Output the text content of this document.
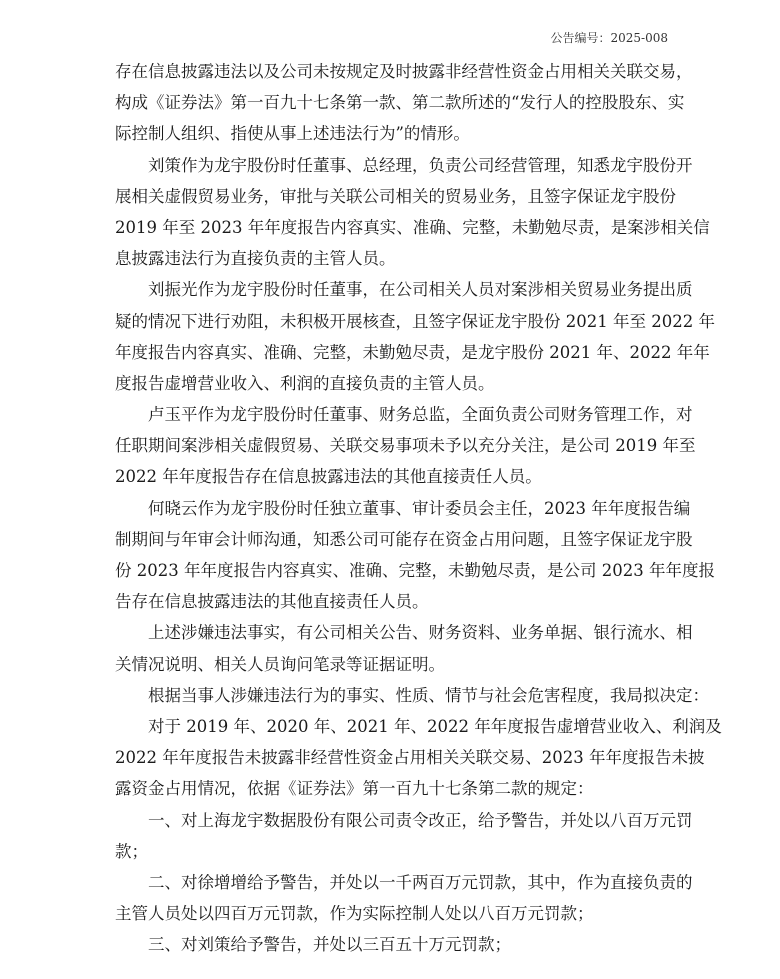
公告编号：2025-008
存在信息披露违法以及公司未按规定及时披露非经营性资金占用相关关联交易，
构成《证券法》第一百九十七条第一款、第二款所述的“发行人的控股股东、实
际控制人组织、指使从事上述违法行为”的情形。
刘策作为龙宇股份时任董事、总经理，负责公司经营管理，知悉龙宇股份开
展相关虚假贸易业务，审批与关联公司相关的贸易业务，且签字保证龙宇股份
2019 年至 2023 年年度报告内容真实、准确、完整，未勤勉尽责，是案涉相关信
息披露违法行为直接负责的主管人员。
刘振光作为龙宇股份时任董事，在公司相关人员对案涉相关贸易业务提出质
疑的情况下进行劝阻，未积极开展核查，且签字保证龙宇股份 2021 年至 2022 年
年度报告内容真实、准确、完整，未勤勉尽责，是龙宇股份 2021 年、2022 年年
度报告虚增营业收入、利润的直接负责的主管人员。
卢玉平作为龙宇股份时任董事、财务总监，全面负责公司财务管理工作，对
任职期间案涉相关虚假贸易、关联交易事项未予以充分关注，是公司 2019 年至
2022 年年度报告存在信息披露违法的其他直接责任人员。
何晓云作为龙宇股份时任独立董事、审计委员会主任，2023 年年度报告编
制期间与年审会计师沟通，知悉公司可能存在资金占用问题，且签字保证龙宇股
份 2023 年年度报告内容真实、准确、完整，未勤勉尽责，是公司 2023 年年度报
告存在信息披露违法的其他直接责任人员。
上述涉嫌违法事实，有公司相关公告、财务资料、业务单据、银行流水、相
关情况说明、相关人员询问笔录等证据证明。
根据当事人涉嫌违法行为的事实、性质、情节与社会危害程度，我局拟决定：
对于 2019 年、2020 年、2021 年、2022 年年度报告虚增营业收入、利润及
2022 年年度报告未披露非经营性资金占用相关关联交易、2023 年年度报告未披
露资金占用情况，依据《证券法》第一百九十七条第二款的规定：
一、对上海龙宇数据股份有限公司责令改正，给予警告，并处以八百万元罚
款；
二、对徐增增给予警告，并处以一千两百万元罚款，其中，作为直接负责的
主管人员处以四百万元罚款，作为实际控制人处以八百万元罚款；
三、对刘策给予警告，并处以三百五十万元罚款；
